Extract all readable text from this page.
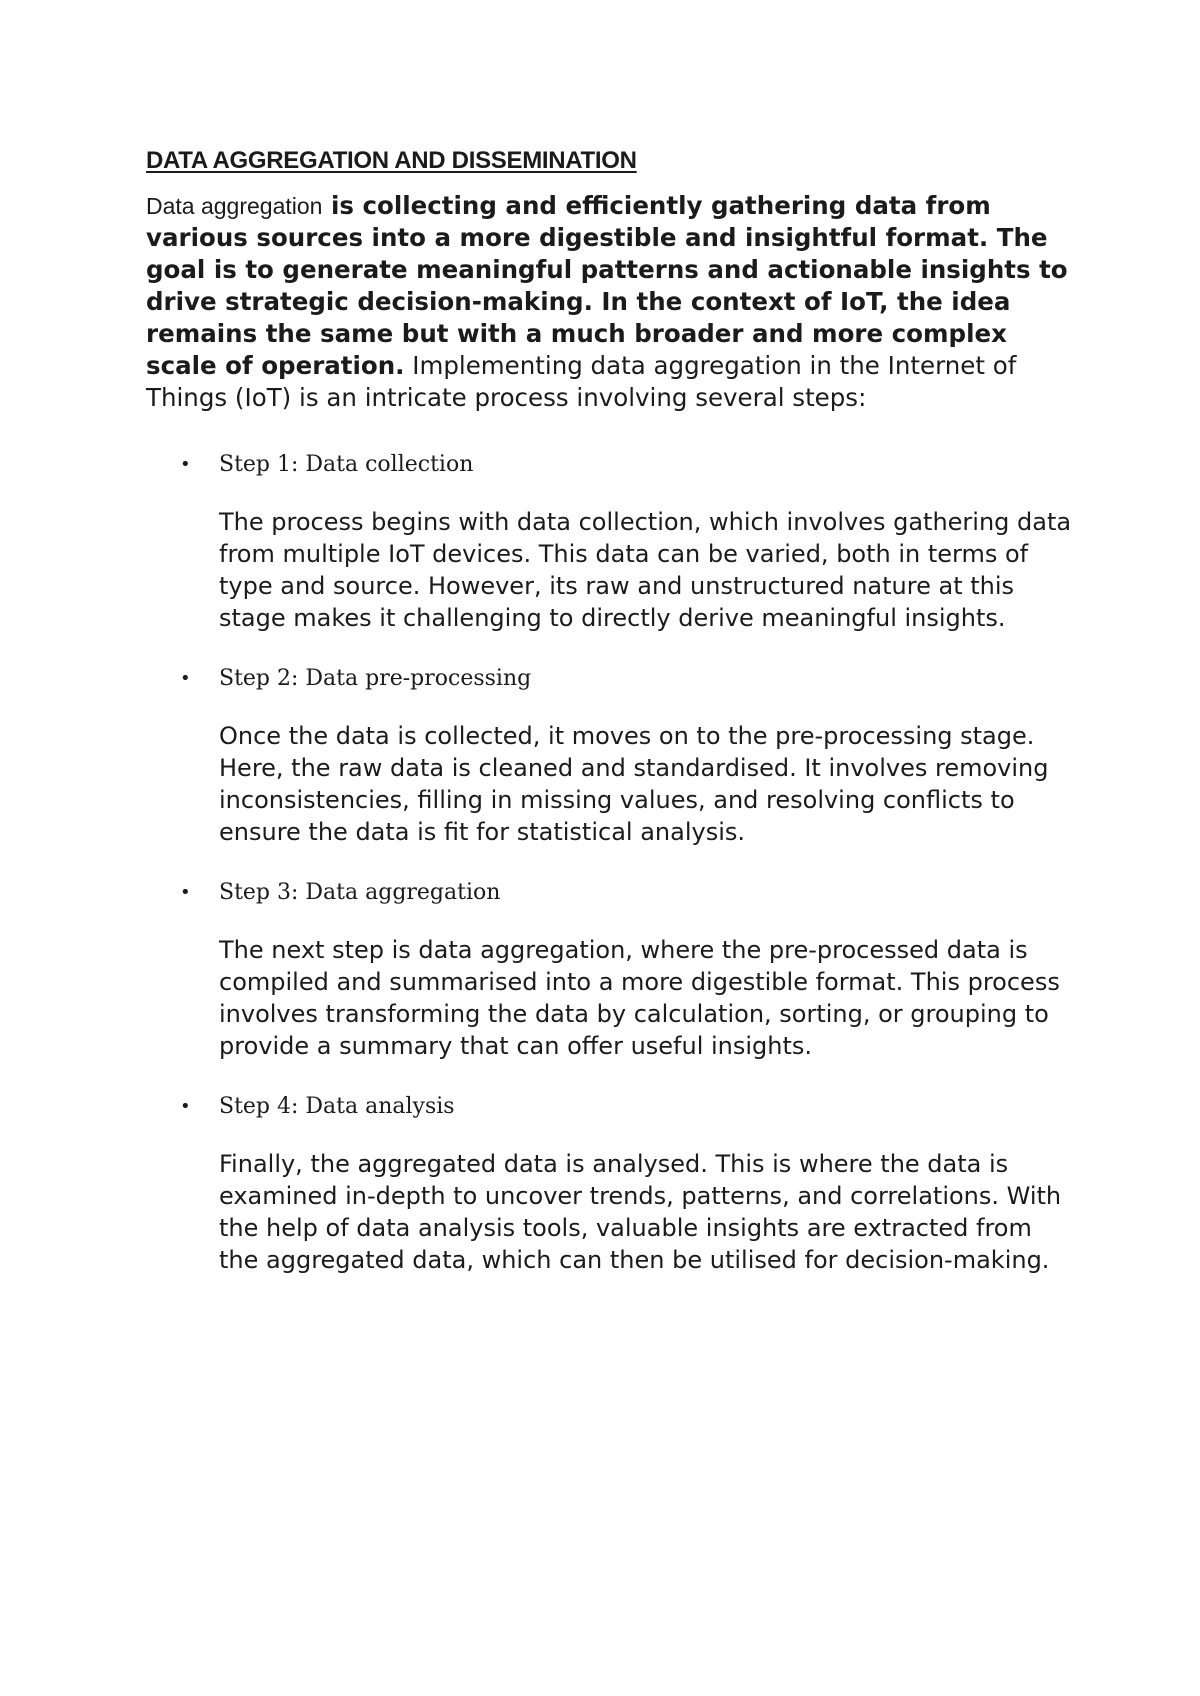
DATA AGGREGATION AND DISSEMINATION

Data aggregation is collecting and efficiently gathering data from various sources into a more digestible and insightful format. The goal is to generate meaningful patterns and actionable insights to drive strategic decision-making. In the context of IoT, the idea remains the same but with a much broader and more complex scale of operation. Implementing data aggregation in the Internet of Things (IoT) is an intricate process involving several steps:

• Step 1: Data collection

The process begins with data collection, which involves gathering data from multiple IoT devices. This data can be varied, both in terms of type and source. However, its raw and unstructured nature at this stage makes it challenging to directly derive meaningful insights.

• Step 2: Data pre-processing

Once the data is collected, it moves on to the pre-processing stage. Here, the raw data is cleaned and standardised. It involves removing inconsistencies, filling in missing values, and resolving conflicts to ensure the data is fit for statistical analysis.

• Step 3: Data aggregation

The next step is data aggregation, where the pre-processed data is compiled and summarised into a more digestible format. This process involves transforming the data by calculation, sorting, or grouping to provide a summary that can offer useful insights.

• Step 4: Data analysis

Finally, the aggregated data is analysed. This is where the data is examined in-depth to uncover trends, patterns, and correlations. With the help of data analysis tools, valuable insights are extracted from the aggregated data, which can then be utilised for decision-making.
